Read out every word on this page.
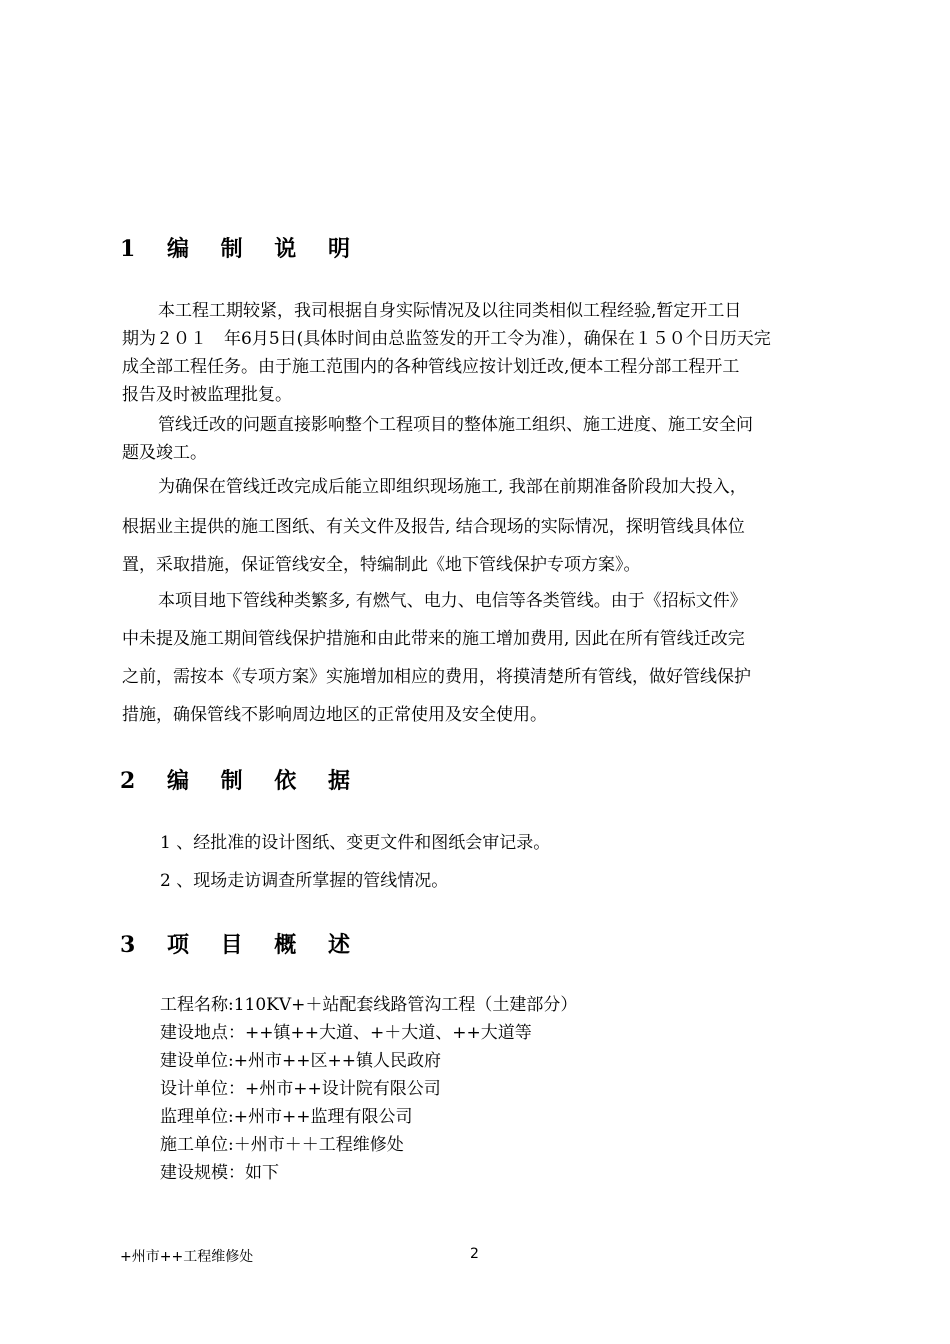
1 编 制 说 明
本工程工期较紧，我司根据自身实际情况及以往同类相似工程经验,暂定开工日
期为２０１　年6月5日(具体时间由总监签发的开工令为准），确保在１５０个日历天完
成全部工程任务。由于施工范围内的各种管线应按计划迁改,便本工程分部工程开工
报告及时被监理批复。
管线迁改的问题直接影响整个工程项目的整体施工组织、施工进度、施工安全问
题及竣工。
为确保在管线迁改完成后能立即组织现场施工, 我部在前期准备阶段加大投入，
根据业主提供的施工图纸、有关文件及报告, 结合现场的实际情况，探明管线具体位
置，采取措施，保证管线安全，特编制此《地下管线保护专项方案》。
本项目地下管线种类繁多, 有燃气、电力、电信等各类管线。由于《招标文件》
中未提及施工期间管线保护措施和由此带来的施工增加费用, 因此在所有管线迁改完
之前，需按本《专项方案》实施增加相应的费用，将摸清楚所有管线，做好管线保护
措施，确保管线不影响周边地区的正常使用及安全使用。
2 编 制 依 据
1 、经批准的设计图纸、变更文件和图纸会审记录。
2 、现场走访调查所掌握的管线情况。
3 项 目 概 述
工程名称:110KV+＋站配套线路管沟工程（土建部分）
建设地点：++镇++大道、+＋大道、++大道等
建设单位:+州市++区++镇人民政府
设计单位：+州市++设计院有限公司
监理单位:+州市++监理有限公司
施工单位:＋州市＋＋工程维修处
建设规模：如下
+州市++工程维修处	2
